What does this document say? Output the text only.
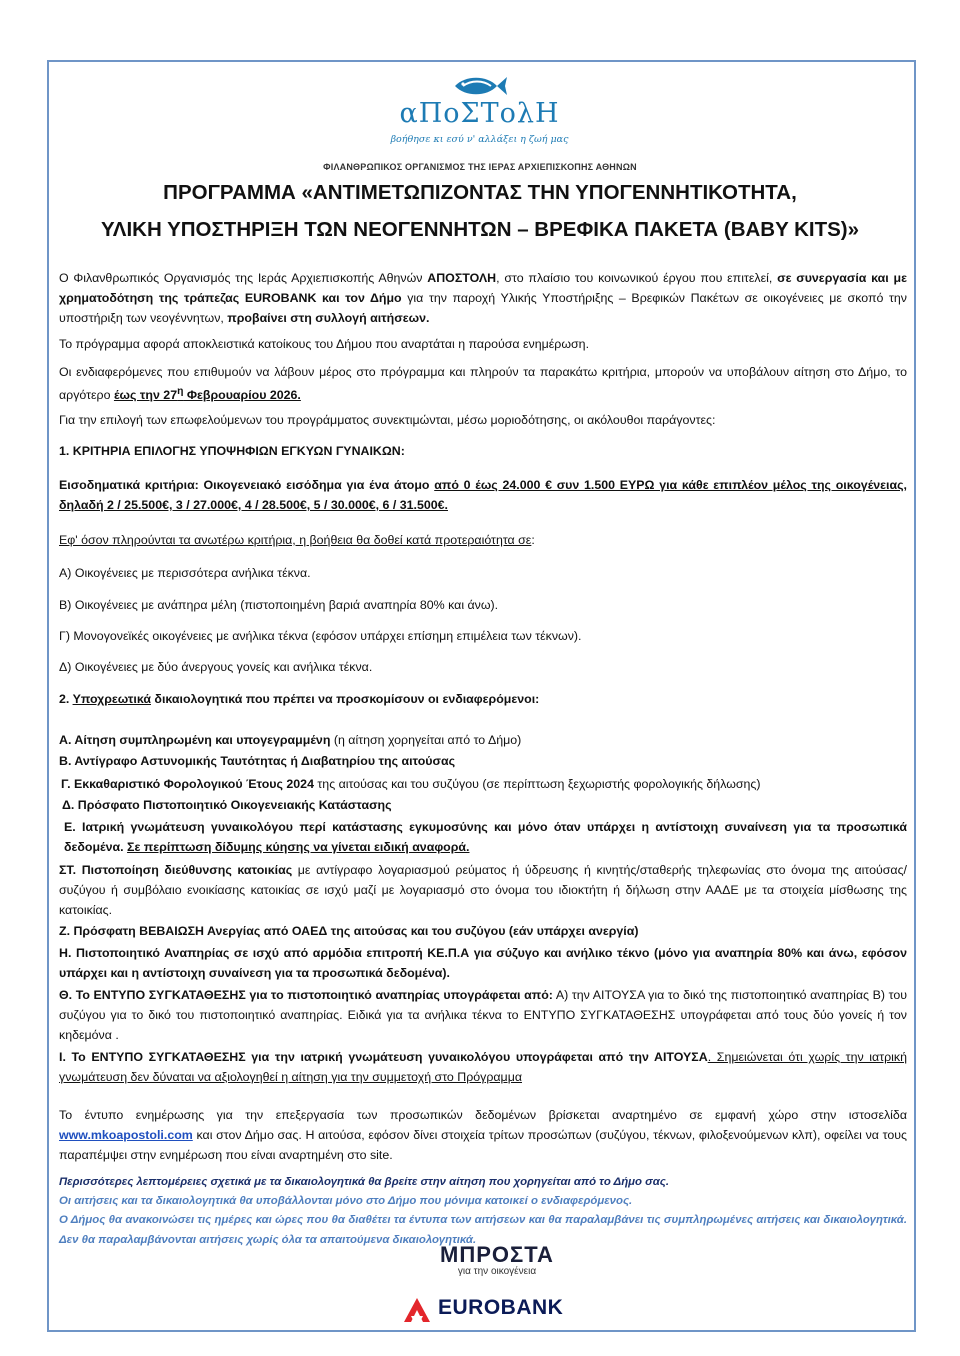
αΠοΣΤολΗ
βοήθησε κι εσύ ν' αλλάξει η ζωή μας
ΦΙΛΑΝΘΡΩΠΙΚΟΣ ΟΡΓΑΝΙΣΜΟΣ ΤΗΣ ΙΕΡΑΣ ΑΡΧΙΕΠΙΣΚΟΠΗΣ ΑΘΗΝΩΝ
ΠΡΟΓΡΑΜΜΑ «ΑΝΤΙΜΕΤΩΠΙΖΟΝΤΑΣ ΤΗΝ ΥΠΟΓΕΝΝΗΤΙΚΟΤΗΤΑ,
ΥΛΙΚΗ ΥΠΟΣΤΗΡΙΞΗ ΤΩΝ ΝΕΟΓΕΝΝΗΤΩΝ – ΒΡΕΦΙΚΑ ΠΑΚΕΤΑ (BABY KITS)»
Ο Φιλανθρωπικός Οργανισμός της Ιεράς Αρχιεπισκοπής Αθηνών ΑΠΟΣΤΟΛΗ, στο πλαίσιο του κοινωνικού έργου που επιτελεί, σε συνεργασία και με χρηματοδότηση της τράπεζας EUROBANK και τον Δήμο για την παροχή Υλικής Υποστήριξης – Βρεφικών Πακέτων σε οικογένειες με σκοπό την υποστήριξη των νεογέννητων, προβαίνει στη συλλογή αιτήσεων.
Το πρόγραμμα αφορά αποκλειστικά κατοίκους του Δήμου που αναρτάται η παρούσα ενημέρωση.
Οι ενδιαφερόμενες που επιθυμούν να λάβουν μέρος στο πρόγραμμα και πληρούν τα παρακάτω κριτήρια, μπορούν να υποβάλουν αίτηση στο Δήμο, το αργότερο έως την $27^\eta$ Φεβρουαρίου 2026.
Για την επιλογή των επωφελούμενων του προγράμματος συνεκτιμώνται, μέσω μοριοδότησης, οι ακόλουθοι παράγοντες:
1. ΚΡΙΤΗΡΙΑ ΕΠΙΛΟΓΗΣ ΥΠΟΨΗΦΙΩΝ ΕΓΚΥΩΝ ΓΥΝΑΙΚΩΝ:
Εισοδηματικά κριτήρια: Οικογενειακό εισόδημα για ένα άτομο από 0 έως 24.000 € συν 1.500 ΕΥΡΩ για κάθε επιπλέον μέλος της οικογένειας, δηλαδή 2 / 25.500€, 3 / 27.000€, 4 / 28.500€, 5 / 30.000€, 6 / 31.500€.
Εφ' όσον πληρούνται τα ανωτέρω κριτήρια, η βοήθεια θα δοθεί κατά προτεραιότητα σε:
Α) Οικογένειες με περισσότερα ανήλικα τέκνα.
Β) Οικογένειες με ανάπηρα μέλη (πιστοποιημένη βαριά αναπηρία 80% και άνω).
Γ) Μονογονεϊκές οικογένειες με ανήλικα τέκνα (εφόσον υπάρχει επίσημη επιμέλεια των τέκνων).
Δ) Οικογένειες με δύο άνεργους γονείς και ανήλικα τέκνα.
2. Υποχρεωτικά δικαιολογητικά που πρέπει να προσκομίσουν οι ενδιαφερόμενοι:
Α. Αίτηση συμπληρωμένη και υπογεγραμμένη (η αίτηση χορηγείται από το Δήμο)
Β. Αντίγραφο Αστυνομικής Ταυτότητας ή Διαβατηρίου της αιτούσας
Γ. Εκκαθαριστικό Φορολογικού Έτους 2024 της αιτούσας και του συζύγου (σε περίπτωση ξεχωριστής φορολογικής δήλωσης)
Δ. Πρόσφατο Πιστοποιητικό Οικογενειακής Κατάστασης
Ε. Ιατρική γνωμάτευση γυναικολόγου περί κατάστασης εγκυμοσύνης και μόνο όταν υπάρχει η αντίστοιχη συναίνεση για τα προσωπικά δεδομένα. Σε περίπτωση δίδυμης κύησης να γίνεται ειδική αναφορά.
ΣΤ. Πιστοποίηση διεύθυνσης κατοικίας με αντίγραφο λογαριασμού ρεύματος ή ύδρευσης ή κινητής/σταθερής τηλεφωνίας στο όνομα της αιτούσας/συζύγου ή συμβόλαιο ενοικίασης κατοικίας σε ισχύ μαζί με λογαριασμό στο όνομα του ιδιοκτήτη ή δήλωση στην ΑΑΔΕ με τα στοιχεία μίσθωσης της κατοικίας.
Ζ. Πρόσφατη ΒΕΒΑΙΩΣΗ Ανεργίας από ΟΑΕΔ της αιτούσας και του συζύγου (εάν υπάρχει ανεργία)
Η. Πιστοποιητικό Αναπηρίας σε ισχύ από αρμόδια επιτροπή ΚΕ.Π.Α για σύζυγο και ανήλικο τέκνο (μόνο για αναπηρία 80% και άνω, εφόσον υπάρχει και η αντίστοιχη συναίνεση για τα προσωπικά δεδομένα).
Θ. Το ΕΝΤΥΠΟ ΣΥΓΚΑΤΑΘΕΣΗΣ για το πιστοποιητικό αναπηρίας υπογράφεται από: Α) την ΑΙΤΟΥΣΑ για το δικό της πιστοποιητικό αναπηρίας Β) του συζύγου για το δικό του πιστοποιητικό αναπηρίας. Ειδικά για τα ανήλικα τέκνα το ΕΝΤΥΠΟ ΣΥΓΚΑΤΑΘΕΣΗΣ υπογράφεται από τους δύο γονείς ή τον κηδεμόνα .
Ι. Το ΕΝΤΥΠΟ ΣΥΓΚΑΤΑΘΕΣΗΣ για την ιατρική γνωμάτευση γυναικολόγου υπογράφεται από την ΑΙΤΟΥΣΑ. Σημειώνεται ότι χωρίς την ιατρική γνωμάτευση δεν δύναται να αξιολογηθεί η αίτηση για την συμμετοχή στο Πρόγραμμα
Το έντυπο ενημέρωσης για την επεξεργασία των προσωπικών δεδομένων βρίσκεται αναρτημένο σε εμφανή χώρο στην ιστοσελίδα www.mkoapostoli.com και στον Δήμο σας. Η αιτούσα, εφόσον δίνει στοιχεία τρίτων προσώπων (συζύγου, τέκνων, φιλοξενούμενων κλπ), οφείλει να τους παραπέμψει στην ενημέρωση που είναι αναρτημένη στο site.
Περισσότερες λεπτομέρειες σχετικά με τα δικαιολογητικά θα βρείτε στην αίτηση που χορηγείται από το Δήμο σας.
Οι αιτήσεις και τα δικαιολογητικά θα υποβάλλονται μόνο στο Δήμο που μόνιμα κατοικεί ο ενδιαφερόμενος.
Ο Δήμος θα ανακοινώσει τις ημέρες και ώρες που θα διαθέτει τα έντυπα των αιτήσεων και θα παραλαμβάνει τις συμπληρωμένες αιτήσεις και δικαιολογητικά. Δεν θα παραλαμβάνονται αιτήσεις χωρίς όλα τα απαιτούμενα δικαιολογητικά.
ΜΠΡΟΣΤΑ
για την οικογένεια
EUROBANK
